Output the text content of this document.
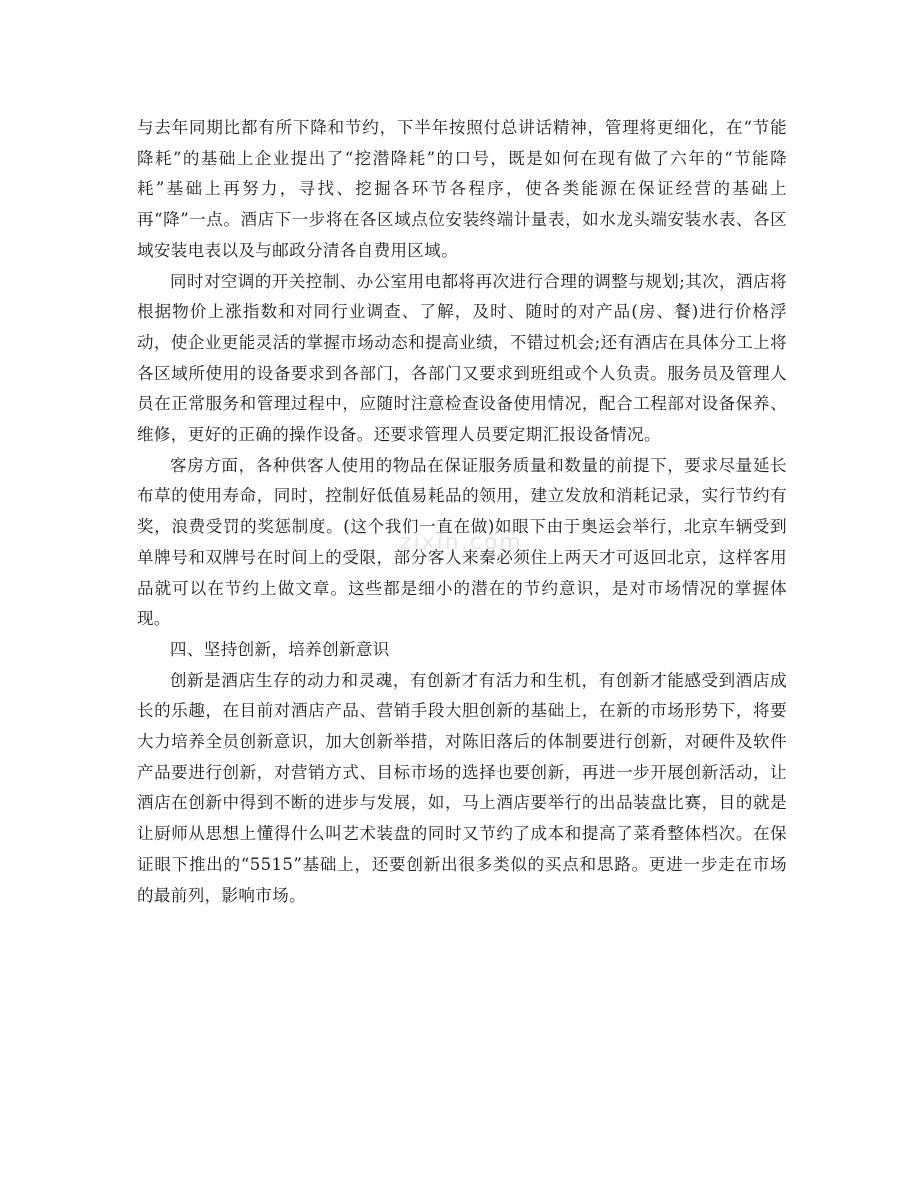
与去年同期比都有所下降和节约，下半年按照付总讲话精神，管理将更细化，在“节能降耗”的基础上企业提出了“挖潜降耗”的口号，既是如何在现有做了六年的“节能降耗”基础上再努力，寻找、挖掘各环节各程序，使各类能源在保证经营的基础上再“降”一点。酒店下一步将在各区域点位安装终端计量表，如水龙头端安装水表、各区域安装电表以及与邮政分清各自费用区域。

同时对空调的开关控制、办公室用电都将再次进行合理的调整与规划;其次，酒店将根据物价上涨指数和对同行业调查、了解，及时、随时的对产品(房、餐)进行价格浮动，使企业更能灵活的掌握市场动态和提高业绩，不错过机会;还有酒店在具体分工上将各区域所使用的设备要求到各部门，各部门又要求到班组或个人负责。服务员及管理人员在正常服务和管理过程中，应随时注意检查设备使用情况，配合工程部对设备保养、维修，更好的正确的操作设备。还要求管理人员要定期汇报设备情况。

客房方面，各种供客人使用的物品在保证服务质量和数量的前提下，要求尽量延长布草的使用寿命，同时，控制好低值易耗品的领用，建立发放和消耗记录，实行节约有奖，浪费受罚的奖惩制度。(这个我们一直在做)如眼下由于奥运会举行，北京车辆受到单牌号和双牌号在时间上的受限，部分客人来秦必须住上两天才可返回北京，这样客用品就可以在节约上做文章。这些都是细小的潜在的节约意识，是对市场情况的掌握体现。

四、坚持创新，培养创新意识

创新是酒店生存的动力和灵魂，有创新才有活力和生机，有创新才能感受到酒店成长的乐趣，在目前对酒店产品、营销手段大胆创新的基础上，在新的市场形势下，将要大力培养全员创新意识，加大创新举措，对陈旧落后的体制要进行创新，对硬件及软件产品要进行创新，对营销方式、目标市场的选择也要创新，再进一步开展创新活动，让酒店在创新中得到不断的进步与发展，如，马上酒店要举行的出品装盘比赛，目的就是让厨师从思想上懂得什么叫艺术装盘的同时又节约了成本和提高了菜肴整体档次。在保证眼下推出的“5515”基础上，还要创新出很多类似的买点和思路。更进一步走在市场的最前列，影响市场。

zixin.com
